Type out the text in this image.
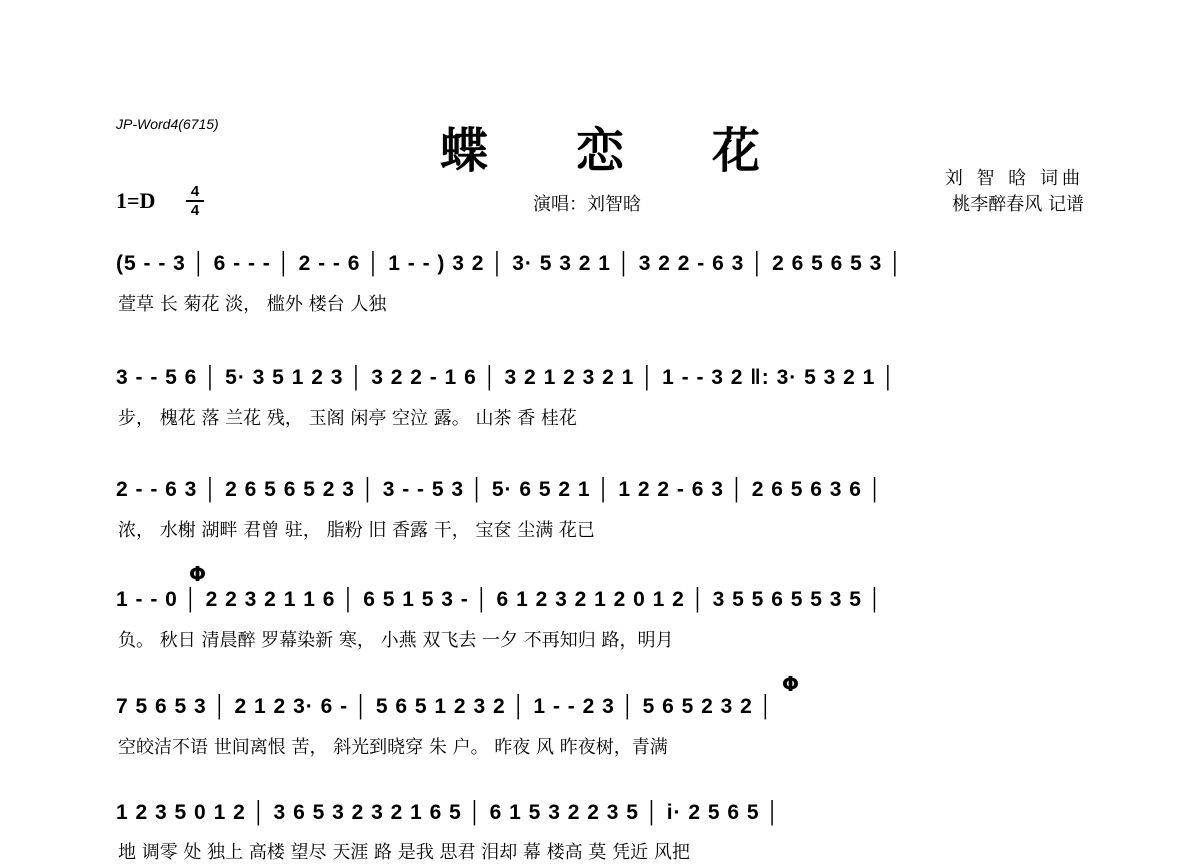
JP-Word4(6715)	蝶恋花
1=D	4
4	演唱：刘智晗
刘 智 晗 词曲
桃李醉春风 记谱
(5 - - 3 │ 6 - - - │ 2 - - 6 │ 1 - - ) 3 2 │ 3· 5 3 2 1 │ 3 2 2 - 6 3 │ 2 6 5 6 5 3 │
萱草 长 菊花 淡， 槛外 楼台 人独
3 - - 5 6 │ 5· 3 5 1 2 3 │ 3 2 2 - 1 6 │ 3 2 1 2 3 2 1 │ 1 - - 3 2 ‖: 3· 5 3 2 1 │
步， 槐花 落 兰花 残， 玉阁 闲亭 空泣 露。 山茶 香 桂花
2 - - 6 3 │ 2 6 5 6 5 2 3 │ 3 - - 5 3 │ 5· 6 5 2 1 │ 1 2 2 - 6 3 │ 2 6 5 6 3 6 │
浓， 水榭 湖畔 君曾 驻， 脂粉 旧 香露 干， 宝奁 尘满 花已
Φ
1 - - 0 │ 2 2 3 2 1 1 6 │ 6 5 1 5 3 - │ 6 1 2 3 2 1 2 0 1 2 │ 3 5 5 6 5 5 3 5 │
负。 秋日 清晨醉 罗幕染新 寒， 小燕 双飞去 一夕 不再知归 路，明月
Φ
7 5 6 5 3 │ 2 1 2 3· 6 - │ 5 6 5 1 2 3 2 │ 1 - - 2 3 │ 5 6 5 2 3 2 │
空皎洁不语 世间离恨 苦， 斜光到晓穿 朱 户。 昨夜 风 昨夜树，青满
1 2 3 5 0 1 2 │ 3 6 5 3 2 3 2 1 6 5 │ 6 1 5 3 2 2 3 5 │ i· 2 5 6 5 │
地 调零 处 独上 高楼 望尽 天涯 路 是我 思君 泪却 幕 楼高 莫 凭近 风把
